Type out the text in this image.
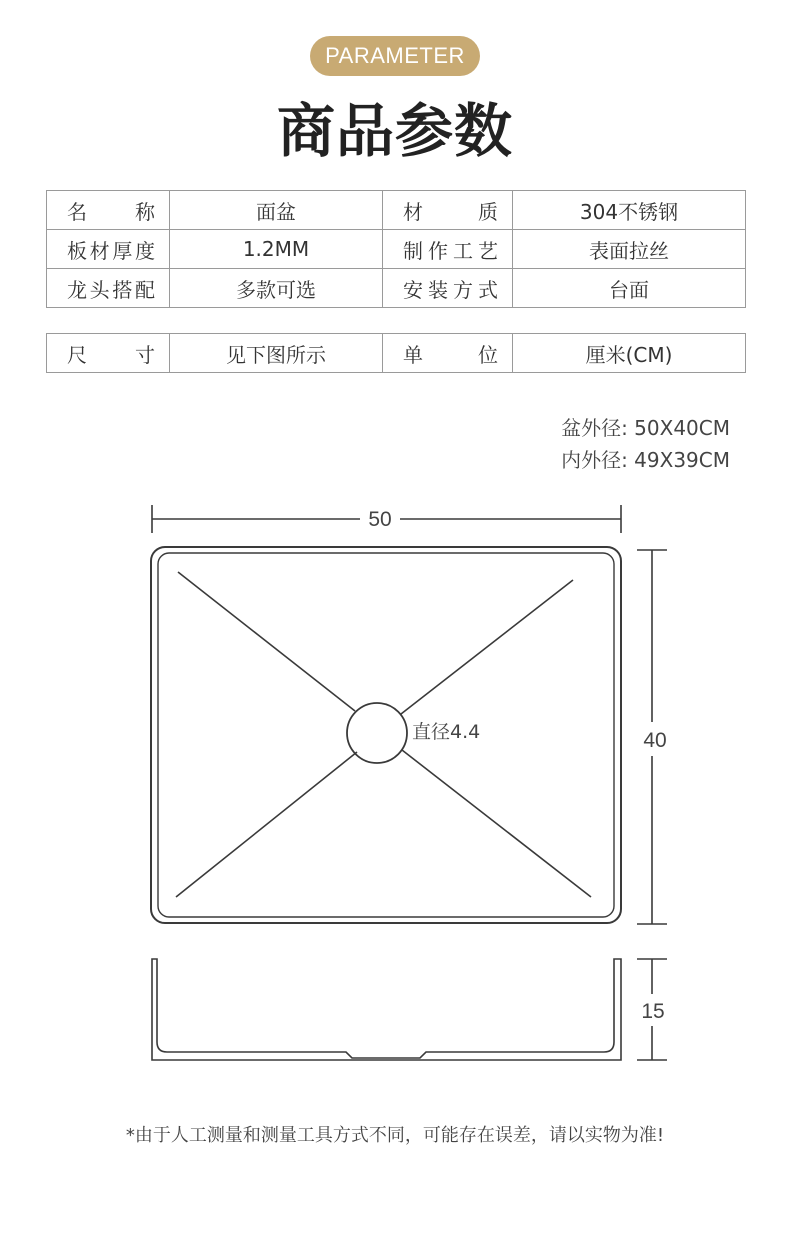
PARAMETER
商品参数
名称	面盆	材质	304不锈钢
板材厚度	1.2MM	制作工艺	表面拉丝
龙头搭配	多款可选	安装方式	台面
尺寸	见下图所示	单位	厘米(CM)
盆外径: 50X40CM
内外径: 49X39CM
50
40
15
直径4.4
*由于人工测量和测量工具方式不同，可能存在误差，请以实物为准!
